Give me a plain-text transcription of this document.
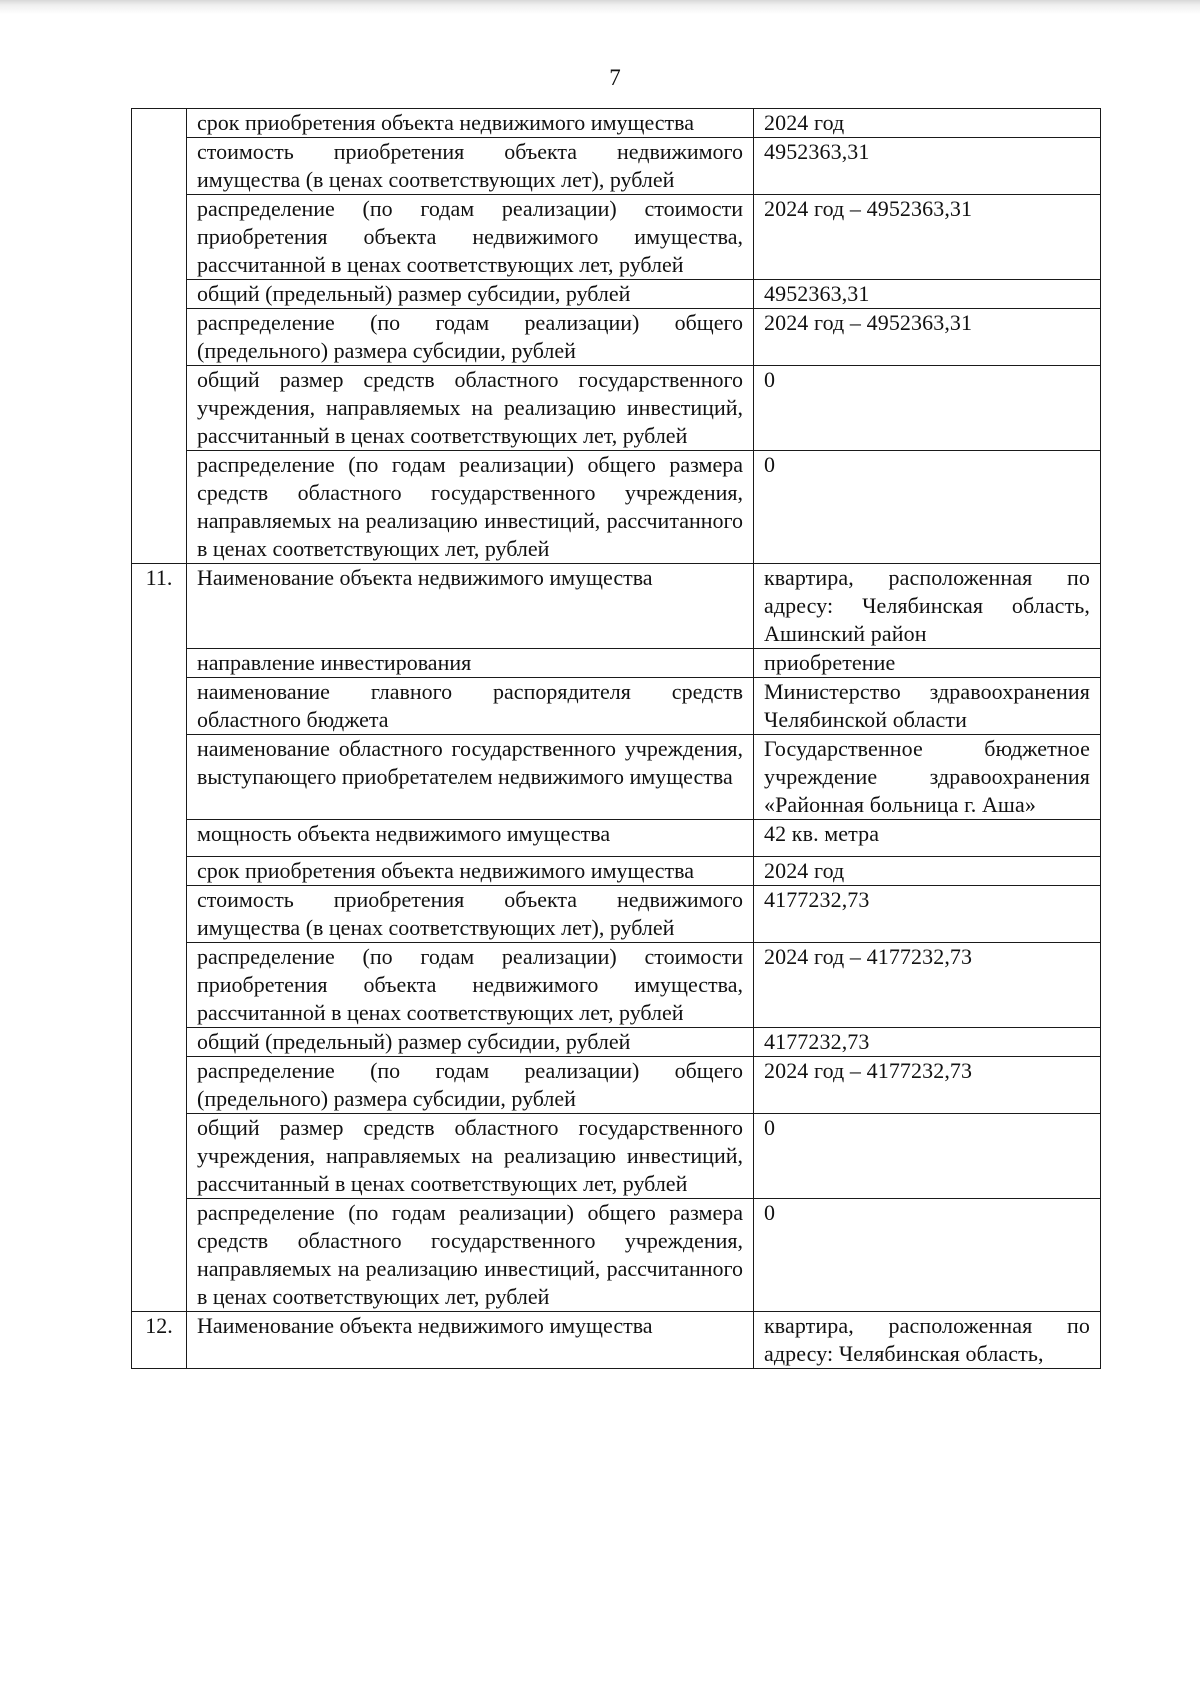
7
	срок приобретения объекта недвижимого имущества	2024 год
	стоимость приобретения объекта недвижимого имущества (в ценах соответствующих лет), рублей	4952363,31
	распределение (по годам реализации) стоимости приобретения объекта недвижимого имущества, рассчитанной в ценах соответствующих лет, рублей	2024 год – 4952363,31
	общий (предельный) размер субсидии, рублей	4952363,31
	распределение (по годам реализации) общего (предельного) размера субсидии, рублей	2024 год – 4952363,31
	общий размер средств областного государственного учреждения, направляемых на реализацию инвестиций, рассчитанный в ценах соответствующих лет, рублей	0
	распределение (по годам реализации) общего размера средств областного государственного учреждения, направляемых на реализацию инвестиций, рассчитанного в ценах соответствующих лет, рублей	0
11.	Наименование объекта недвижимого имущества	квартира, расположенная по адресу: Челябинская область, Ашинский район
	направление инвестирования	приобретение
	наименование главного распорядителя средств областного бюджета	Министерство здравоохранения Челябинской области
	наименование областного государственного учреждения, выступающего приобретателем недвижимого имущества	Государственное бюджетное учреждение здравоохранения «Районная больница г. Аша»
	мощность объекта недвижимого имущества	42 кв. метра
	срок приобретения объекта недвижимого имущества	2024 год
	стоимость приобретения объекта недвижимого имущества (в ценах соответствующих лет), рублей	4177232,73
	распределение (по годам реализации) стоимости приобретения объекта недвижимого имущества, рассчитанной в ценах соответствующих лет, рублей	2024 год – 4177232,73
	общий (предельный) размер субсидии, рублей	4177232,73
	распределение (по годам реализации) общего (предельного) размера субсидии, рублей	2024 год – 4177232,73
	общий размер средств областного государственного учреждения, направляемых на реализацию инвестиций, рассчитанный в ценах соответствующих лет, рублей	0
	распределение (по годам реализации) общего размера средств областного государственного учреждения, направляемых на реализацию инвестиций, рассчитанного в ценах соответствующих лет, рублей	0
12.	Наименование объекта недвижимого имущества	квартира, расположенная по адресу: Челябинская область,
